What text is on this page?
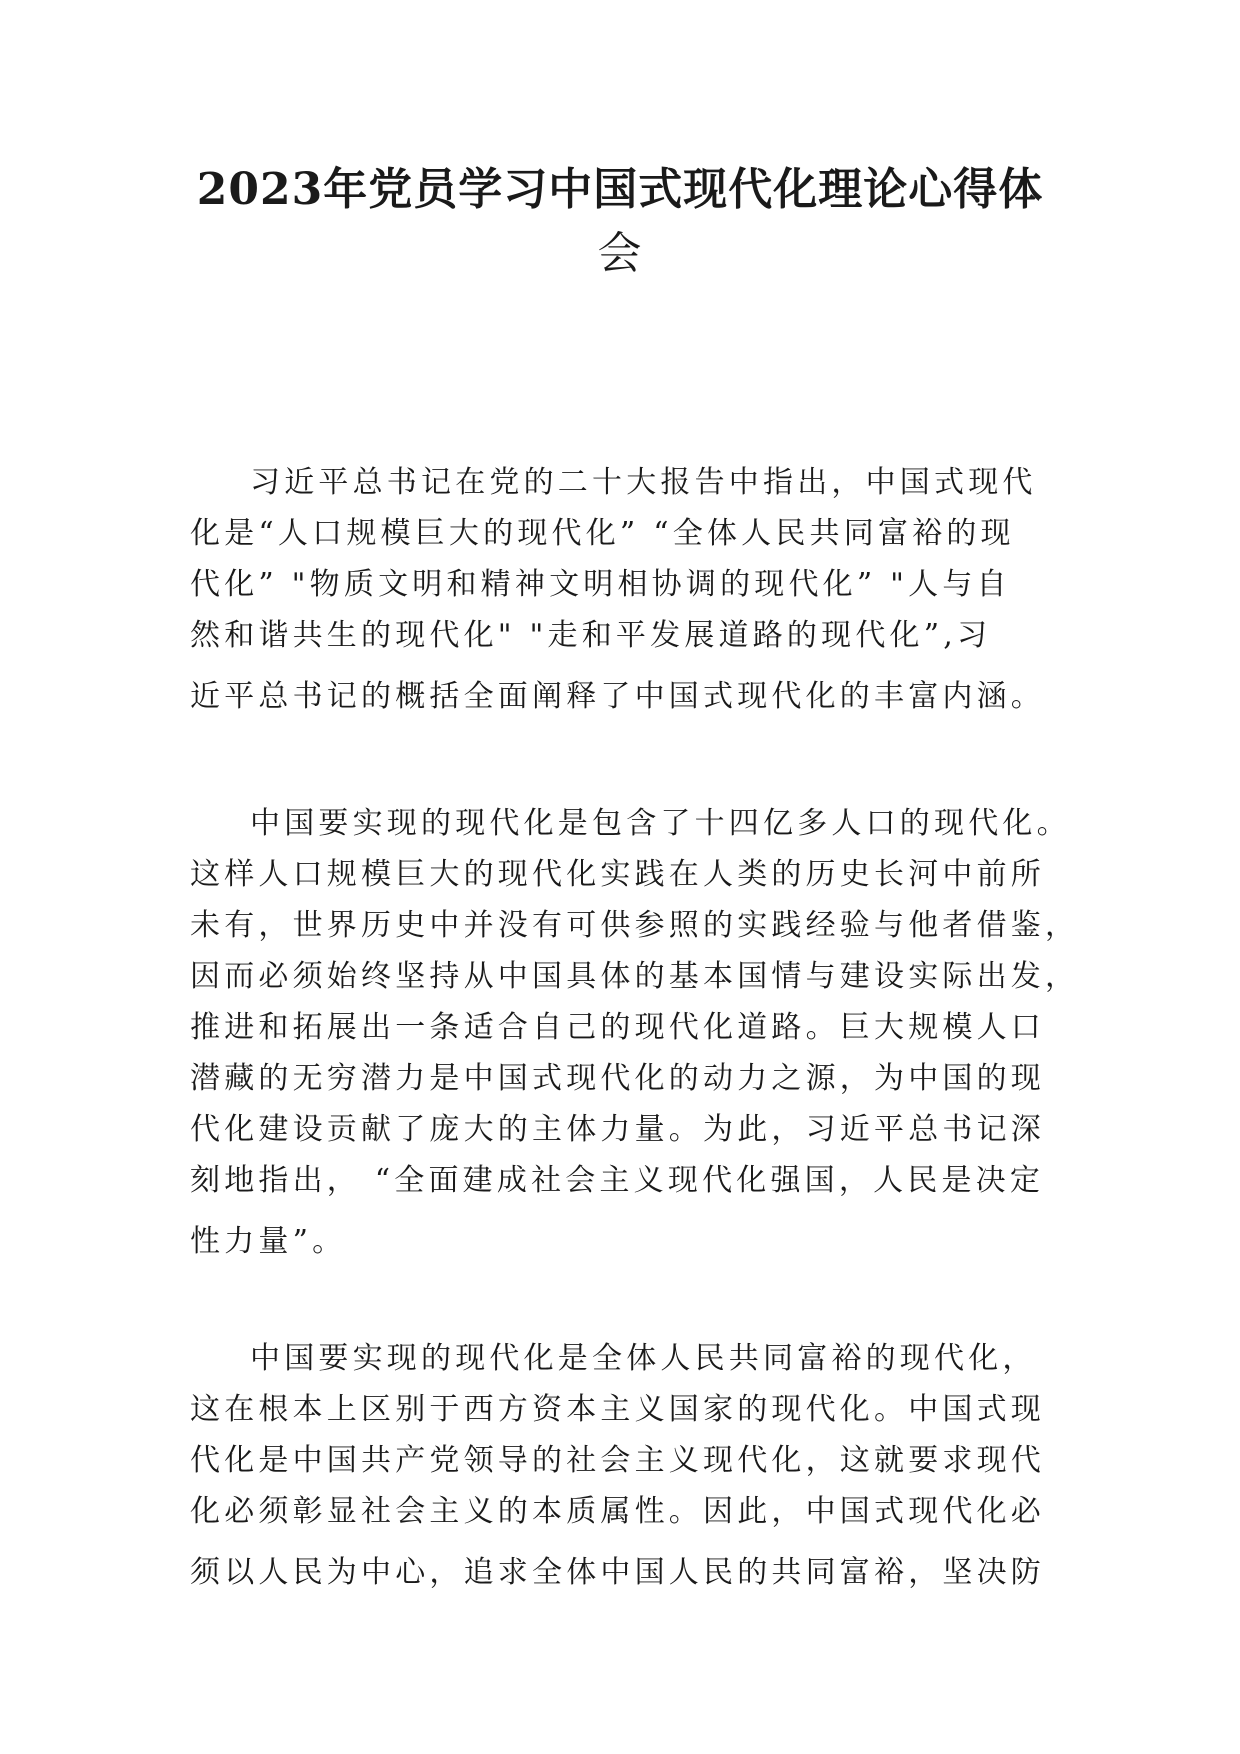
2023年党员学习中国式现代化理论心得体
会
习近平总书记在党的二十大报告中指出，中国式现代
化是“人口规模巨大的现代化” “全体人民共同富裕的现
代化” "物质文明和精神文明相协调的现代化” "人与自
然和谐共生的现代化" "走和平发展道路的现代化”,习
近平总书记的概括全面阐释了中国式现代化的丰富内涵。
中国要实现的现代化是包含了十四亿多人口的现代化。
这样人口规模巨大的现代化实践在人类的历史长河中前所
未有，世界历史中并没有可供参照的实践经验与他者借鉴，
因而必须始终坚持从中国具体的基本国情与建设实际出发，
推进和拓展出一条适合自己的现代化道路。巨大规模人口
潜藏的无穷潜力是中国式现代化的动力之源，为中国的现
代化建设贡献了庞大的主体力量。为此，习近平总书记深
刻地指出， “全面建成社会主义现代化强国，人民是决定
性力量”。
中国要实现的现代化是全体人民共同富裕的现代化，
这在根本上区别于西方资本主义国家的现代化。中国式现
代化是中国共产党领导的社会主义现代化，这就要求现代
化必须彰显社会主义的本质属性。因此，中国式现代化必
须以人民为中心，追求全体中国人民的共同富裕，坚决防
